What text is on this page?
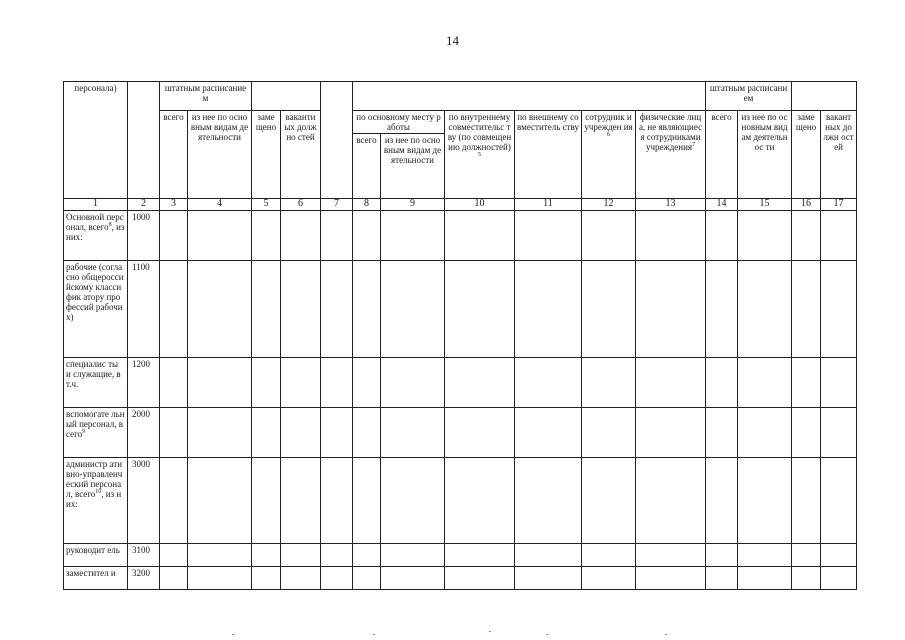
14
персонала)		штатным расписанием											штатным расписанием			
		всего	из нее по основным видам деятельности	заме щено	ваканти ых должно стей		по основному месту работы		по внутреннему совместительс тву (по совмещению должностей)$^5$	по внешнему совместитель ству	сотрудник и учрежден $ия^6$	физические лица, не являющиеся сотрудниками учреждения$^7$	всего	из нее по основным видам деятельнос ти	заме щено	вакант ных должн остей
							всего	из нее по основным видам деятельности								
1	2	3	4	5	6	7	8	9	10	11	12	13	14	15	16	17
Основной персонал, всего$^8$, из них:	1000															
рабочие (согласно общеросси йскому классифик атору профессий рабочих)	1100															
специалис ты и служащие, в т.ч.	1200															
вспомогате льный персонал, всего$^9$	2000															
администр ативно-управленч еский персонал, всего$^{10}$, из них:	3000															
руководит ель	3100															
заместител и	3200															
